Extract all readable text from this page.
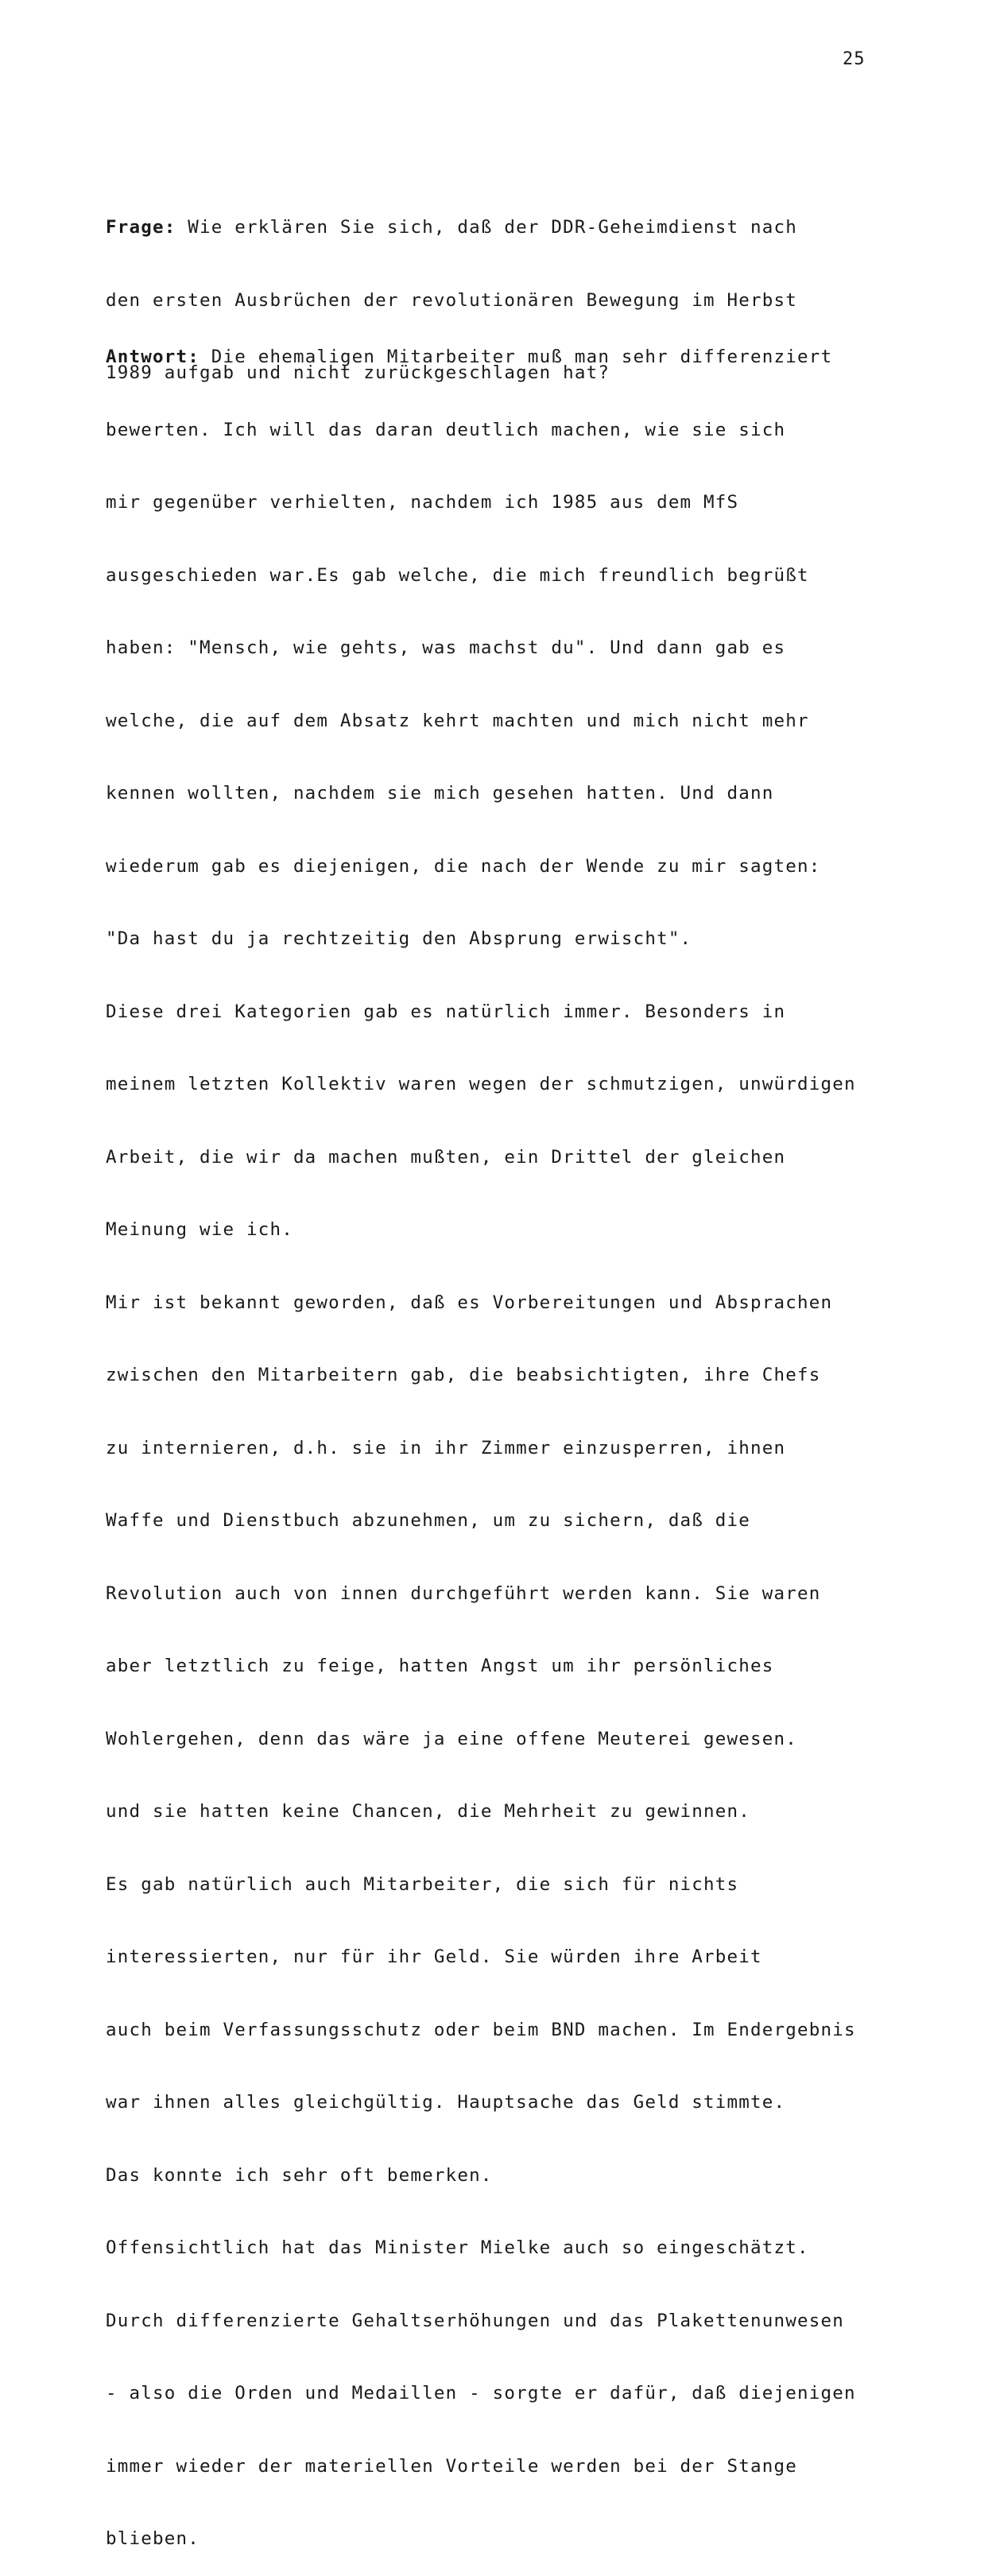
25

Frage: Wie erklären Sie sich, daß der DDR-Geheimdienst nach

den ersten Ausbrüchen der revolutionären Bewegung im Herbst

1989 aufgab und nicht zurückgeschlagen hat?

Antwort: Die ehemaligen Mitarbeiter muß man sehr differenziert

bewerten. Ich will das daran deutlich machen, wie sie sich

mir gegenüber verhielten, nachdem ich 1985 aus dem MfS

ausgeschieden war.Es gab welche, die mich freundlich begrüßt

haben: "Mensch, wie gehts, was machst du". Und dann gab es

welche, die auf dem Absatz kehrt machten und mich nicht mehr

kennen wollten, nachdem sie mich gesehen hatten. Und dann

wiederum gab es diejenigen, die nach der Wende zu mir sagten:

"Da hast du ja rechtzeitig den Absprung erwischt".

Diese drei Kategorien gab es natürlich immer. Besonders in

meinem letzten Kollektiv waren wegen der schmutzigen, unwürdigen

Arbeit, die wir da machen mußten, ein Drittel der gleichen

Meinung wie ich.

Mir ist bekannt geworden, daß es Vorbereitungen und Absprachen

zwischen den Mitarbeitern gab, die beabsichtigten, ihre Chefs

zu internieren, d.h. sie in ihr Zimmer einzusperren, ihnen

Waffe und Dienstbuch abzunehmen, um zu sichern, daß die

Revolution auch von innen durchgeführt werden kann. Sie waren

aber letztlich zu feige, hatten Angst um ihr persönliches

Wohlergehen, denn das wäre ja eine offene Meuterei gewesen.

und sie hatten keine Chancen, die Mehrheit zu gewinnen.

Es gab natürlich auch Mitarbeiter, die sich für nichts

interessierten, nur für ihr Geld. Sie würden ihre Arbeit

auch beim Verfassungsschutz oder beim BND machen. Im Endergebnis

war ihnen alles gleichgültig. Hauptsache das Geld stimmte.

Das konnte ich sehr oft bemerken.

Offensichtlich hat das Minister Mielke auch so eingeschätzt.

Durch differenzierte Gehaltserhöhungen und das Plakettenunwesen

- also die Orden und Medaillen - sorgte er dafür, daß diejenigen

immer wieder der materiellen Vorteile werden bei der Stange

blieben.
